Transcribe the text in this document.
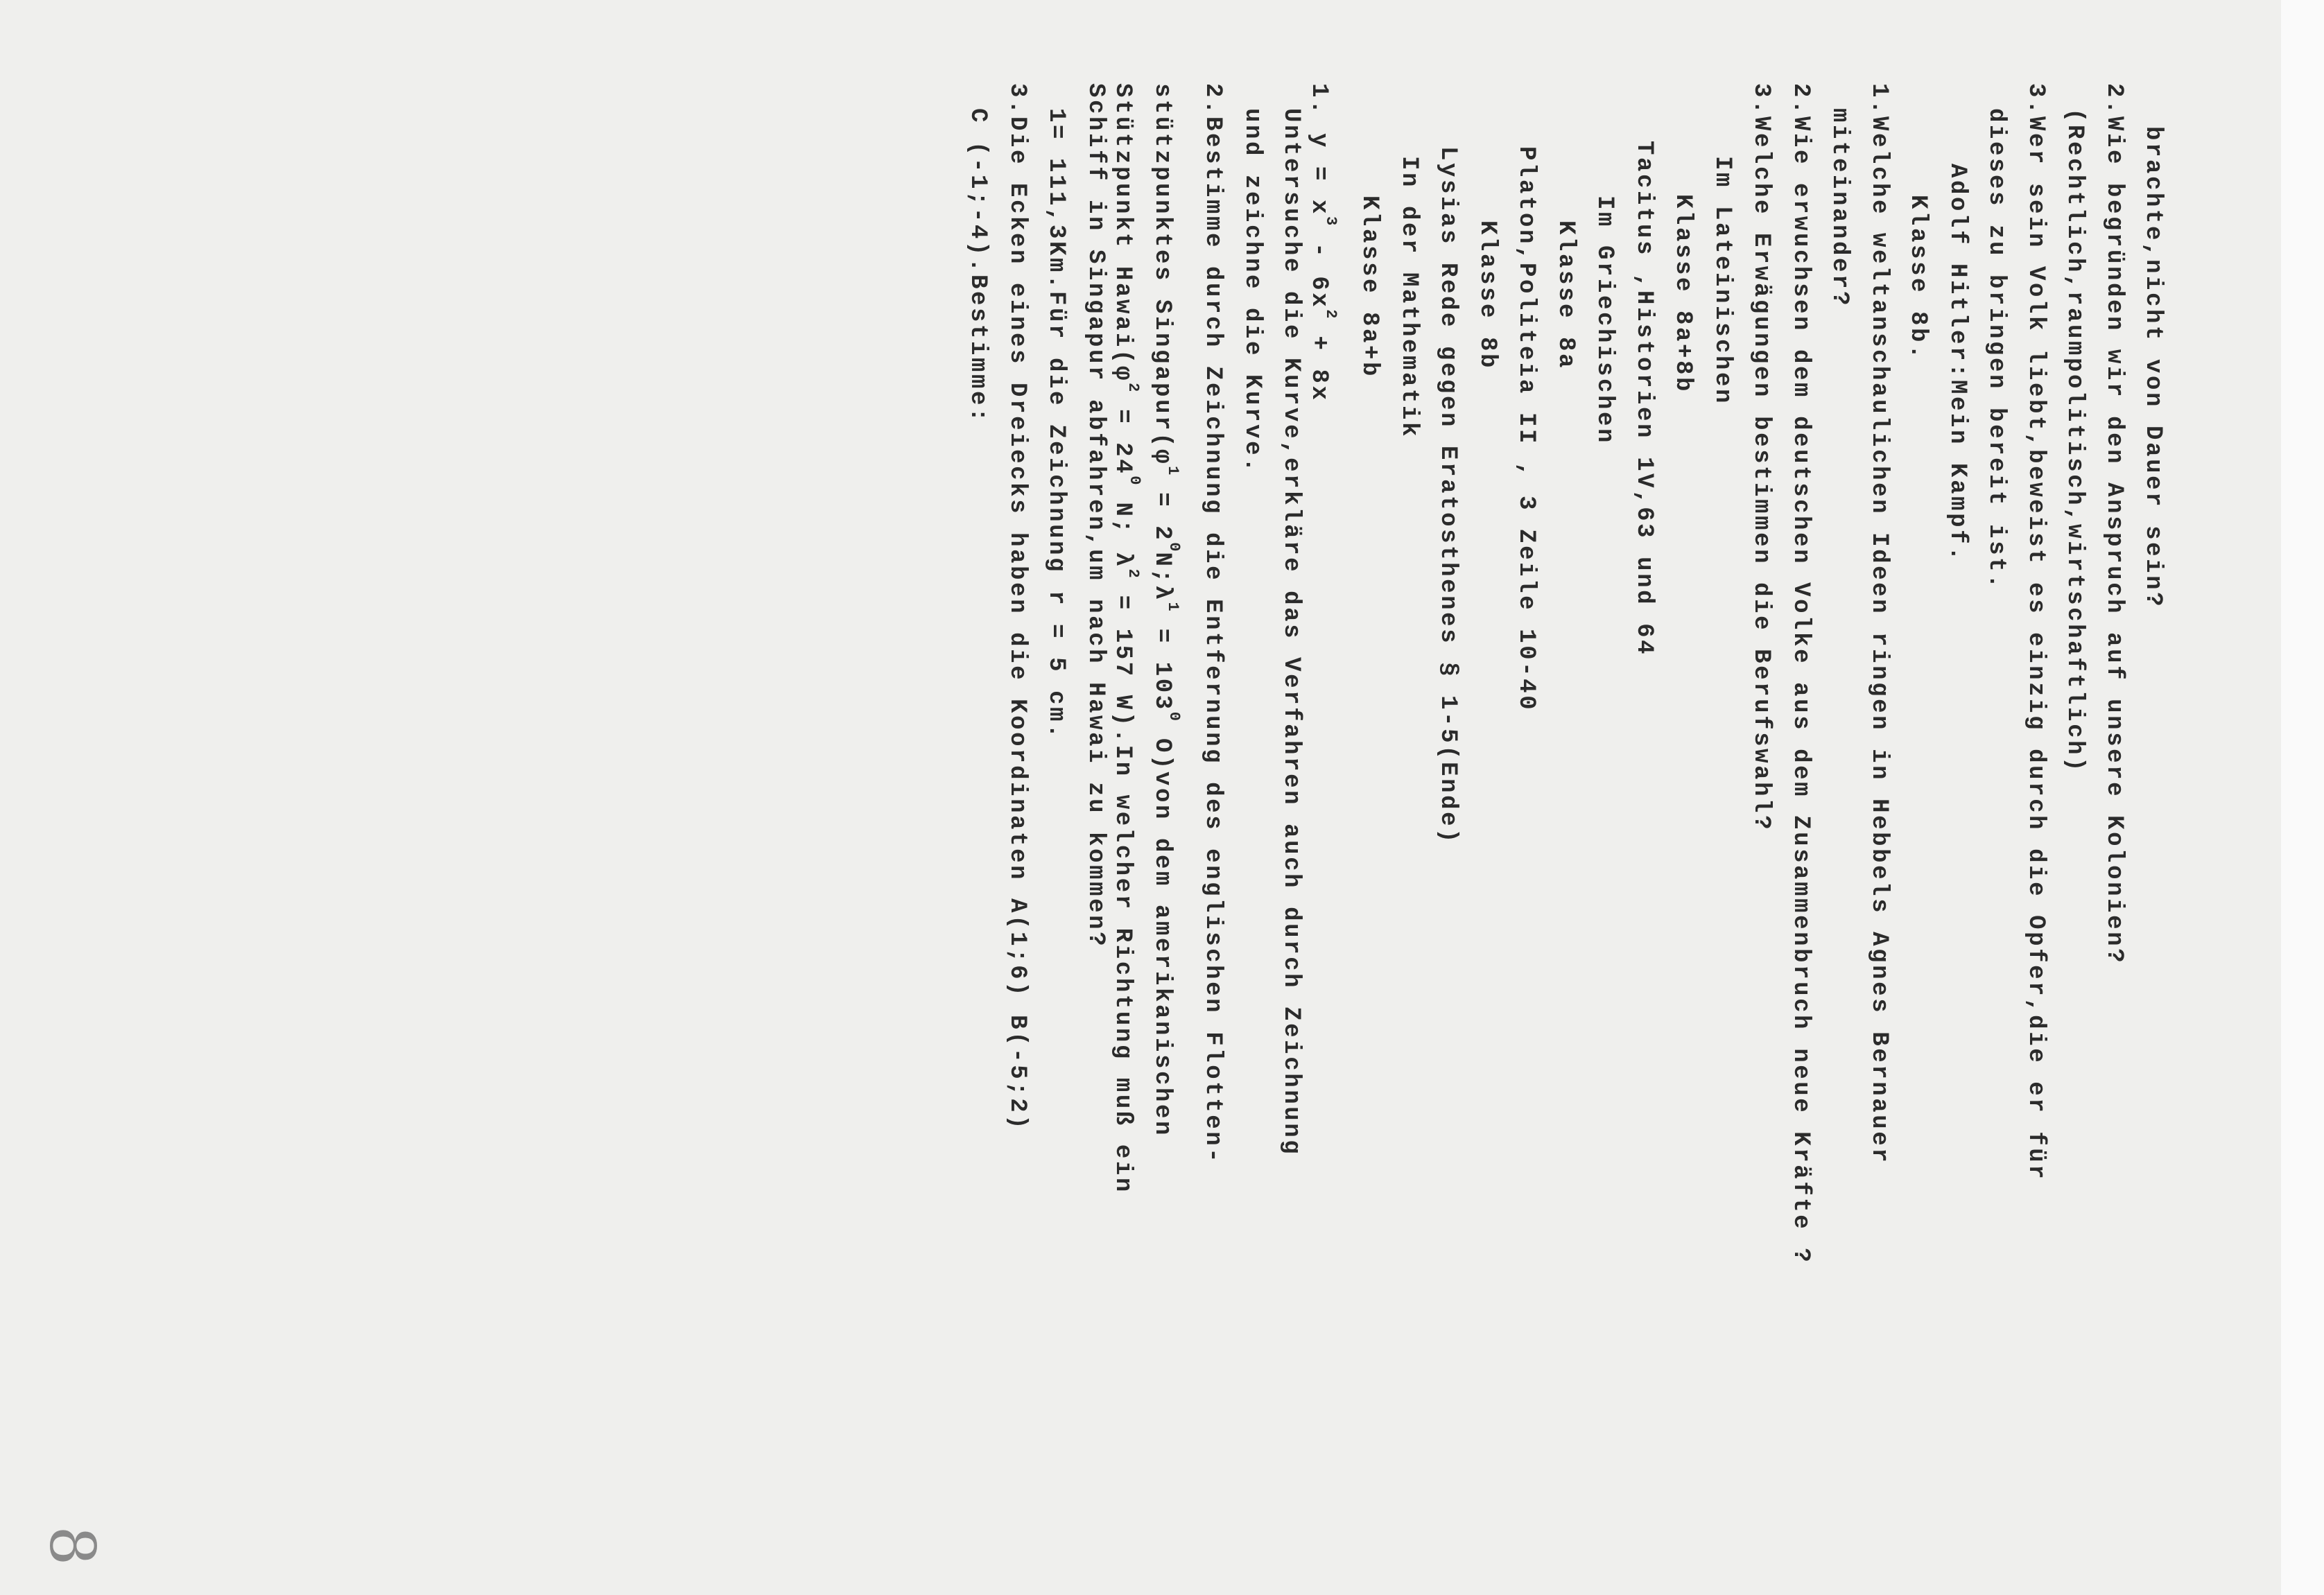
brachte,nicht von Dauer sein?
2.Wie begründen wir den Anspruch auf unsere Kolonien?
(Rechtlich,raumpolitisch,wirtschaftlich)
3.Wer sein Volk liebt,beweist es einzig durch die Opfer,die er für
dieses zu bringen bereit ist.
Adolf Hitler:Mein Kampf.
Klasse 8b.
1.Welche weltanschaulichen Ideen ringen in Hebbels Agnes Bernauer
miteinander?
2.Wie erwuchsen dem deutschen Volke aus dem Zusammenbruch neue Kräfte ?
3.Welche Erwägungen bestimmen die Berufswahl?
Im Lateinischen
Klasse 8a+8b
Tacitus ,Historien 1V,63 und 64
Im Griechischen
Klasse 8a
Platon,Politeia II , 3 Zeile 10-40
Klasse 8b
Lysias Rede gegen Eratosthenes § 1-5(Ende)
In der Mathematik
Klasse 8a+b
1. $y = x^3 - 6x^2 + 8x$
Untersuche die Kurve,erkläre das Verfahren auch durch Zeichnung
und zeichne die Kurve.
2.Bestimme durch Zeichnung die Entfernung des englischen Flotten-
stützpunktes $Singapur(\varphi^1$ = $2^0N;\lambda^1 = 103^0$ O)von dem amerikanischen
Stützpunkt $Hawai(\varphi^2 = 24^0$ N; $\lambda^2 = 157$ W).In welcher Richtung muß ein
Schiff in Singapur abfahren,um nach Hawai zu kommen?
1= 111,3Km.Für die Zeichnung r = 5 cm.
3.Die Ecken eines Dreiecks haben die Koordinaten A(1;6) B(-5;2)
C (-1;-4).Bestimme:
8
